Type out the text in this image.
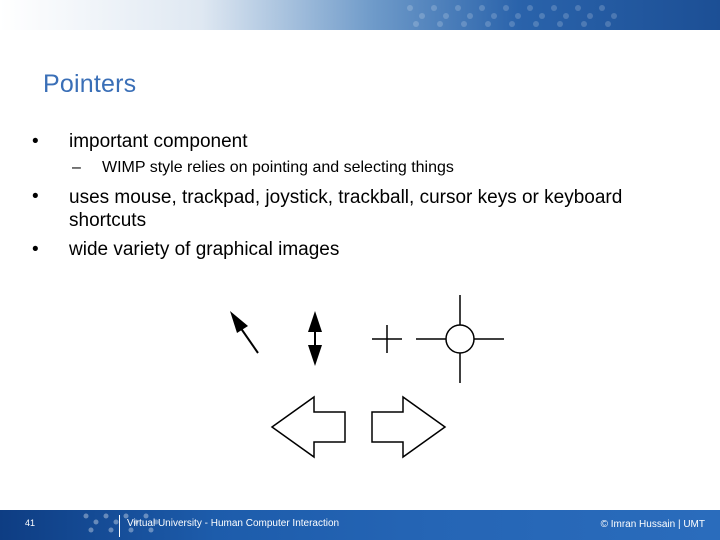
Pointers
• important component
– WIMP style relies on pointing and selecting things
• uses mouse, trackpad, joystick, trackball, cursor keys or keyboard shortcuts
• wide variety of graphical images
41	Virtual University - Human Computer Interaction	© Imran Hussain | UMT
